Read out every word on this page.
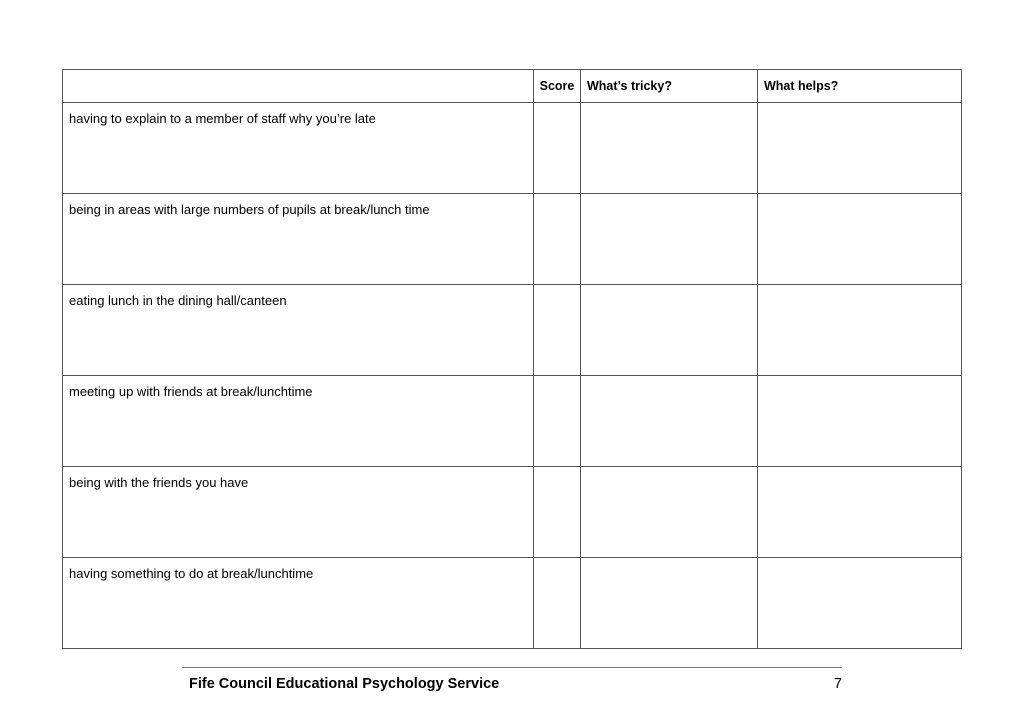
	Score	What’s tricky?	What helps?
having to explain to a member of staff why you’re late			
being in areas with large numbers of pupils at break/lunch time			
eating lunch in the dining hall/canteen			
meeting up with friends at break/lunchtime			
being with the friends you have			
having something to do at break/lunchtime			
Fife Council Educational Psychology Service	7
